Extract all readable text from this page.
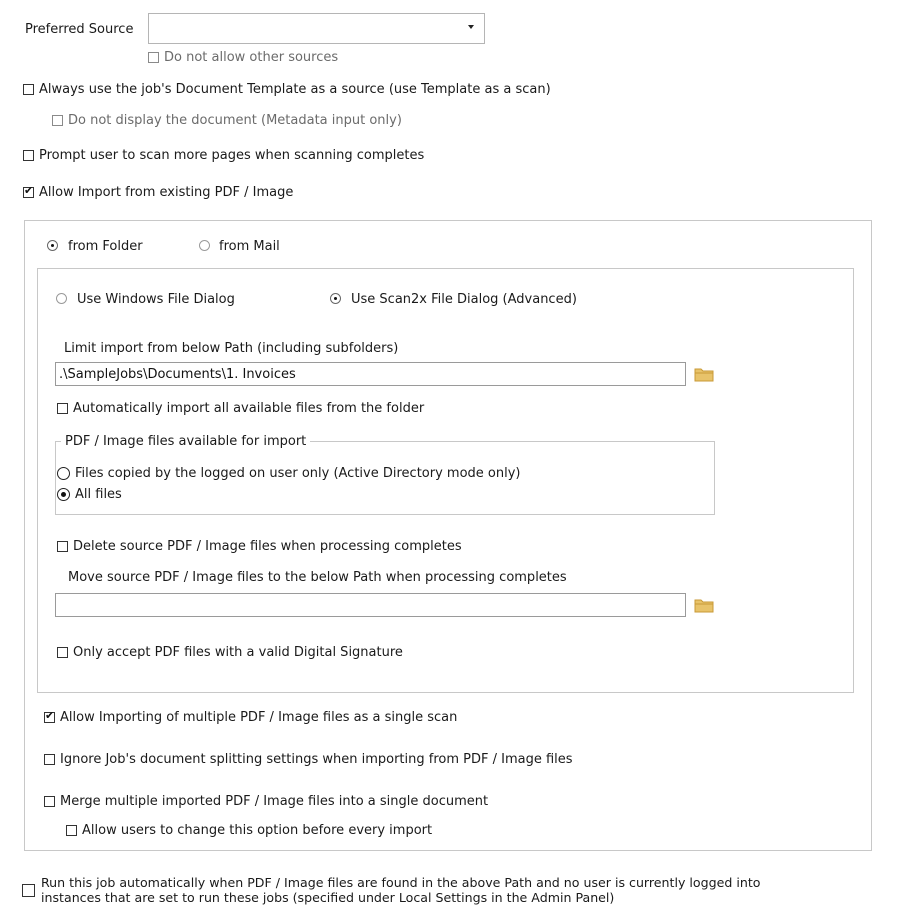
Preferred Source
Do not allow other sources
Always use the job's Document Template as a source (use Template as a scan)
Do not display the document (Metadata input only)
Prompt user to scan more pages when scanning completes
✔
Allow Import from existing PDF / Image
from Folder	from Mail
Use Windows File Dialog	Use Scan2x File Dialog (Advanced)
Limit import from below Path (including subfolders)
.\SampleJobs\Documents\1. Invoices
Automatically import all available files from the folder
PDF / Image files available for import
Files copied by the logged on user only (Active Directory mode only)
All files
Delete source PDF / Image files when processing completes
Move source PDF / Image files to the below Path when processing completes
Only accept PDF files with a valid Digital Signature
✔
Allow Importing of multiple PDF / Image files as a single scan
Ignore Job's document splitting settings when importing from PDF / Image files
Merge multiple imported PDF / Image files into a single document
Allow users to change this option before every import
Run this job automatically when PDF / Image files are found in the above Path and no user is currently logged into
instances that are set to run these jobs (specified under Local Settings in the Admin Panel)
